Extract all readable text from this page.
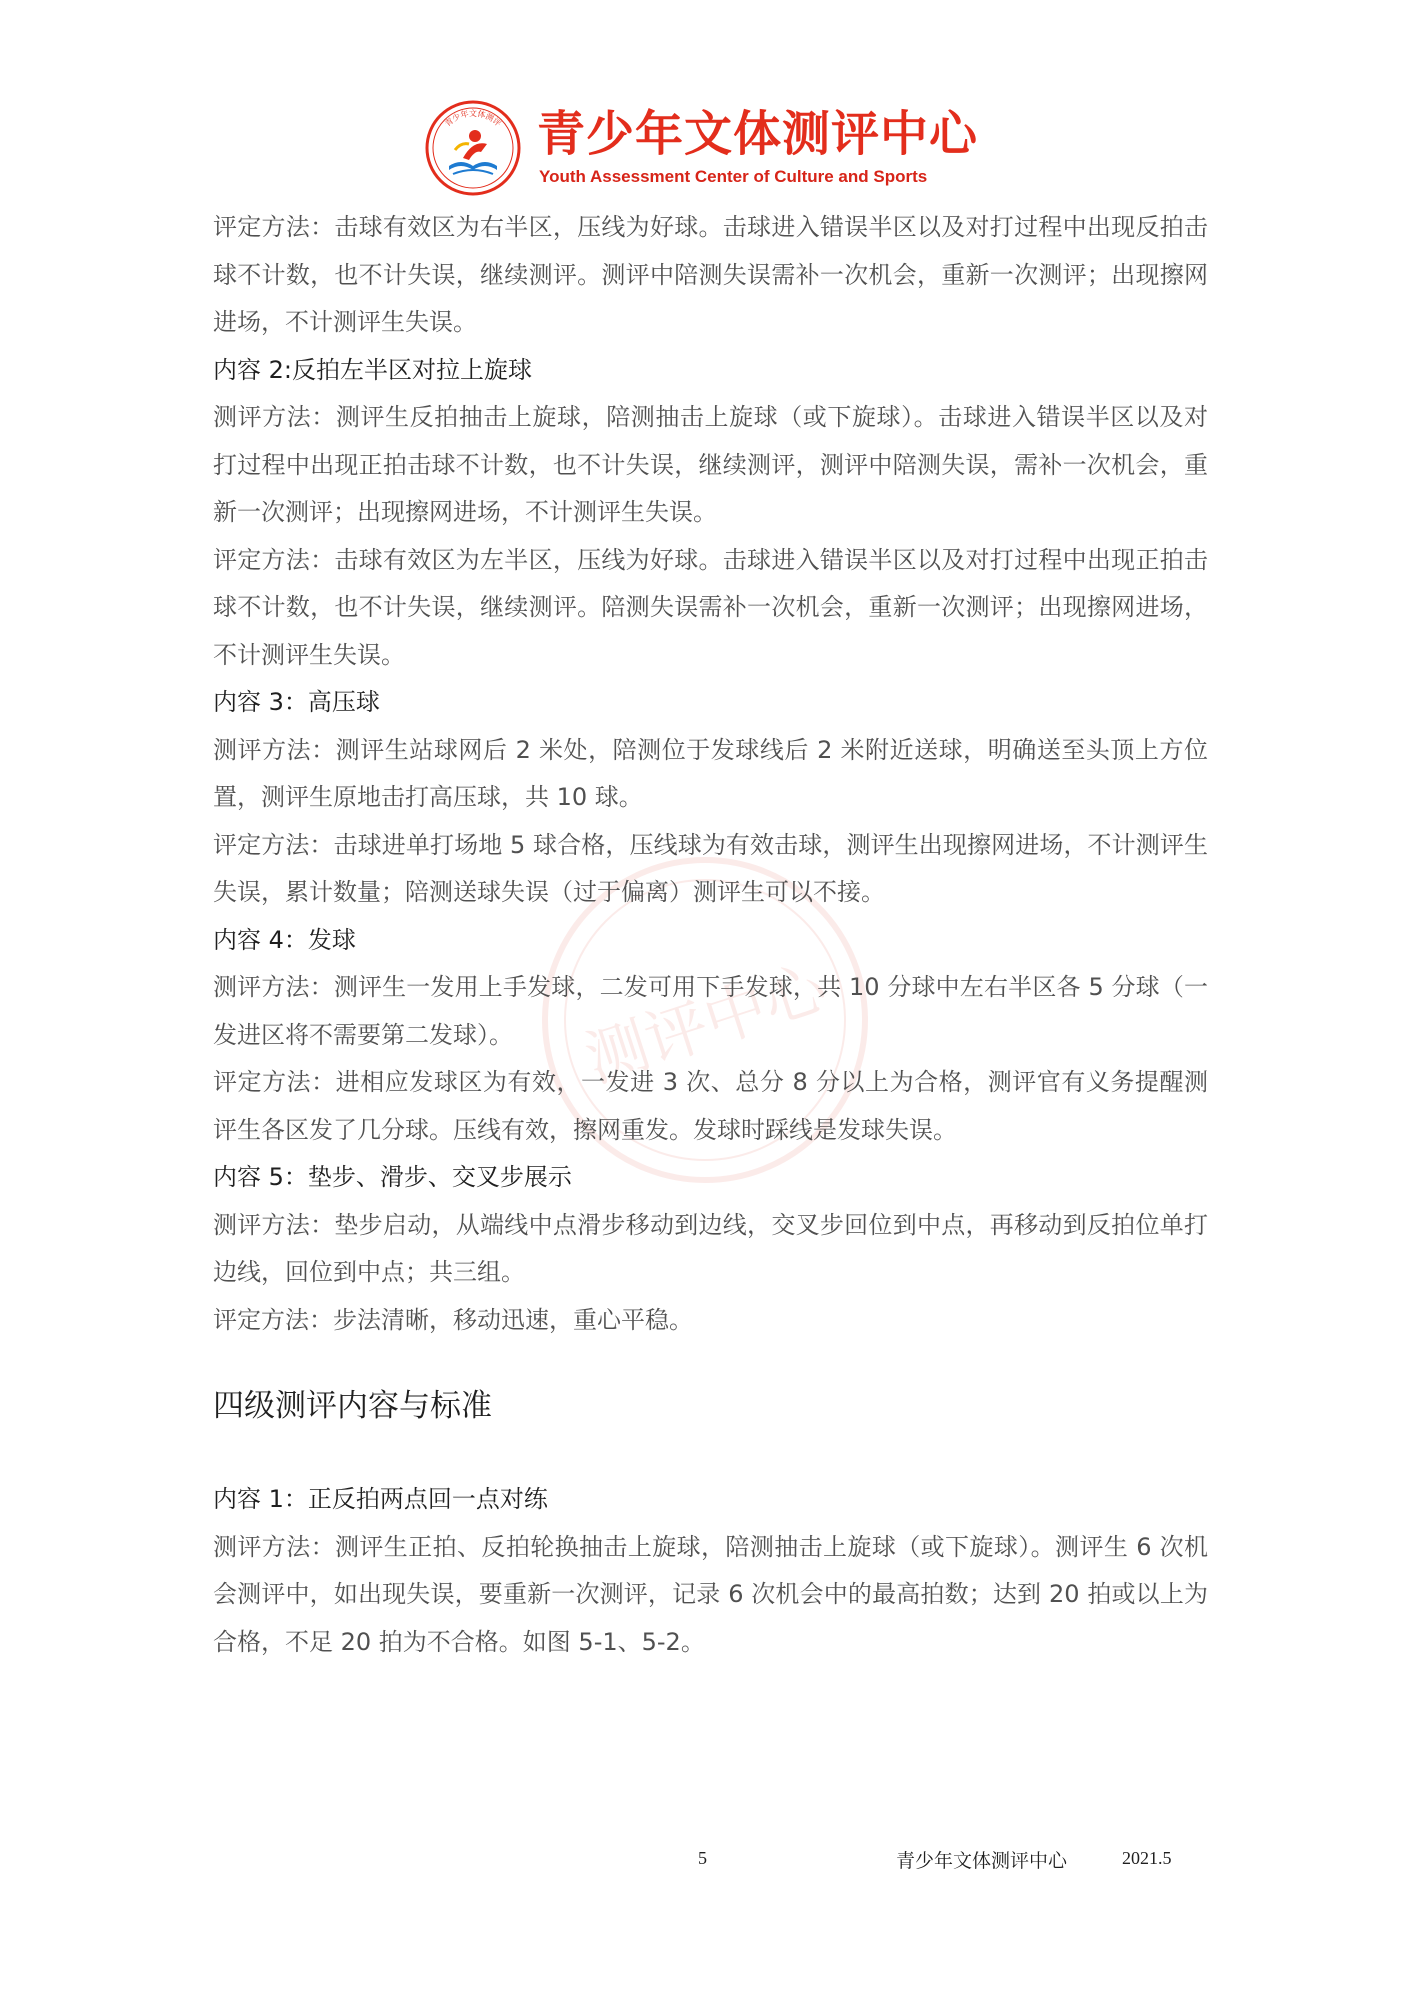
测评中心
青少年文体测评 青少年文体测评中心
Youth Assessment Center of Culture and Sports

评定方法：击球有效区为右半区，压线为好球。击球进入错误半区以及对打过程中出现反拍击球不计数，也不计失误，继续测评。测评中陪测失误需补一次机会，重新一次测评；出现擦网进场，不计测评生失误。

内容 2:反拍左半区对拉上旋球

测评方法：测评生反拍抽击上旋球，陪测抽击上旋球（或下旋球）。击球进入错误半区以及对打过程中出现正拍击球不计数，也不计失误，继续测评，测评中陪测失误，需补一次机会，重新一次测评；出现擦网进场，不计测评生失误。

评定方法：击球有效区为左半区，压线为好球。击球进入错误半区以及对打过程中出现正拍击球不计数，也不计失误，继续测评。陪测失误需补一次机会，重新一次测评；出现擦网进场，不计测评生失误。

内容 3：高压球

测评方法：测评生站球网后 2 米处，陪测位于发球线后 2 米附近送球，明确送至头顶上方位置，测评生原地击打高压球，共 10 球。

评定方法：击球进单打场地 5 球合格，压线球为有效击球，测评生出现擦网进场，不计测评生失误，累计数量；陪测送球失误（过于偏离）测评生可以不接。

内容 4：发球

测评方法：测评生一发用上手发球，二发可用下手发球，共 10 分球中左右半区各 5 分球（一发进区将不需要第二发球）。

评定方法：进相应发球区为有效，一发进 3 次、总分 8 分以上为合格，测评官有义务提醒测评生各区发了几分球。压线有效，擦网重发。发球时踩线是发球失误。

内容 5：垫步、滑步、交叉步展示

测评方法：垫步启动，从端线中点滑步移动到边线，交叉步回位到中点，再移动到反拍位单打边线，回位到中点；共三组。

评定方法：步法清晰，移动迅速，重心平稳。

四级测评内容与标准

内容 1：正反拍两点回一点对练

测评方法：测评生正拍、反拍轮换抽击上旋球，陪测抽击上旋球（或下旋球）。测评生 6 次机会测评中，如出现失误，要重新一次测评，记录 6 次机会中的最高拍数；达到 20 拍或以上为合格，不足 20 拍为不合格。如图 5-1、5-2。

5	青少年文体测评中心	2021.5
